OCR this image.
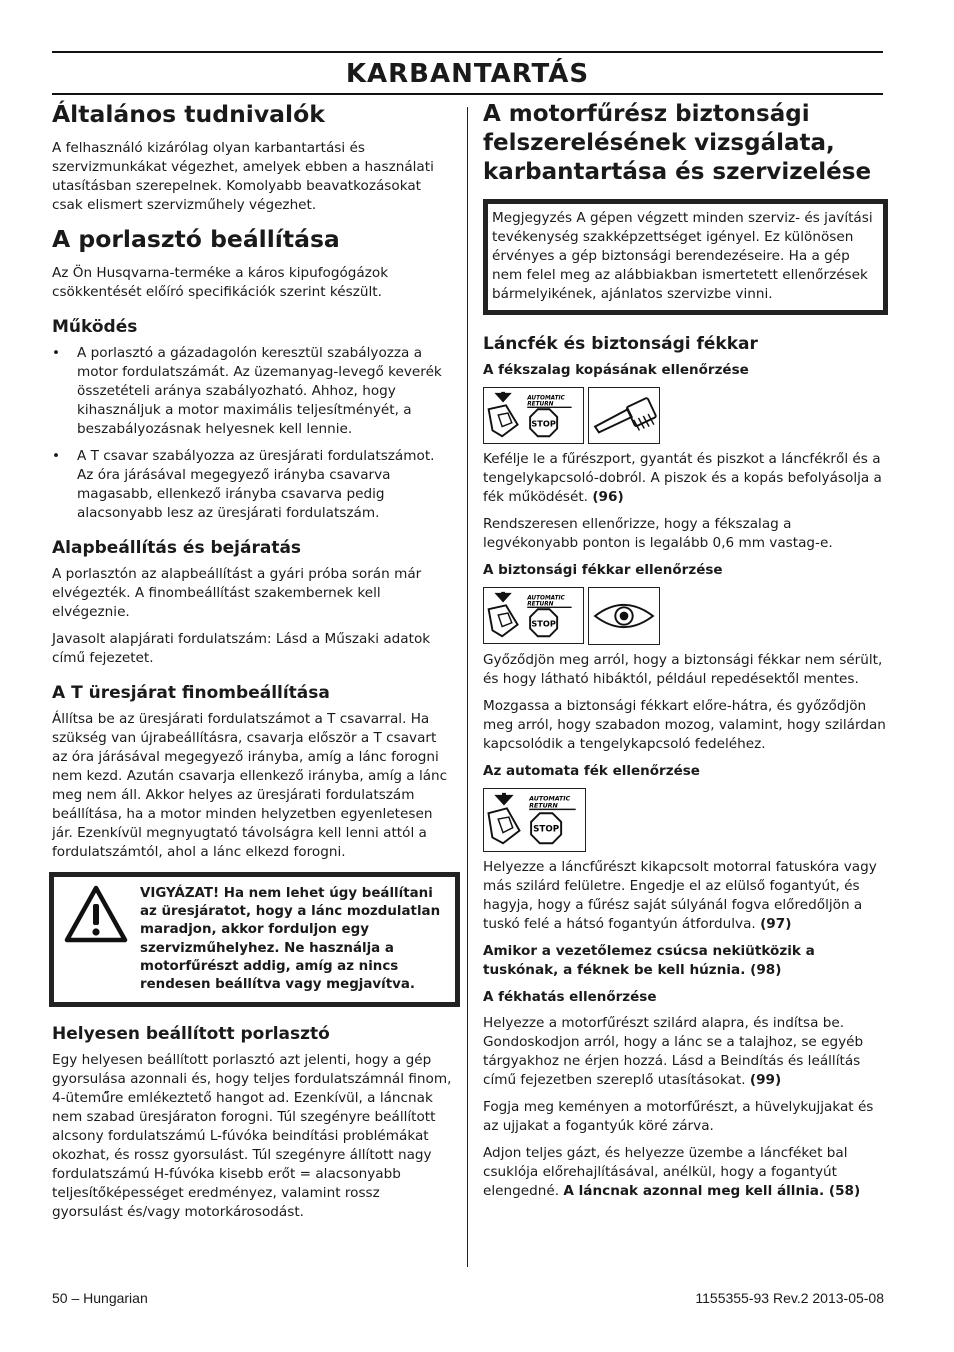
KARBANTARTÁS
Általános tudnivalók

A felhasználó kizárólag olyan karbantartási és szervizmunkákat végezhet, amelyek ebben a használati utasításban szerepelnek. Komolyabb beavatkozásokat csak elismert szervizműhely végezhet.

A porlasztó beállítása

Az Ön Husqvarna-terméke a káros kipufogógázok csökkentését előíró specifikációk szerint készült.

Működés
• A porlasztó a gázadagolón keresztül szabályozza a motor fordulatszámát. Az üzemanyag-levegő keverék összetételi aránya szabályozható. Ahhoz, hogy kihasználjuk a motor maximális teljesítményét, a beszabályozásnak helyesnek kell lennie.
• A T csavar szabályozza az üresjárati fordulatszámot. Az óra járásával megegyező irányba csavarva magasabb, ellenkező irányba csavarva pedig alacsonyabb lesz az üresjárati fordulatszám.
Alapbeállítás és bejáratás

A porlasztón az alapbeállítást a gyári próba során már elvégezték. A finombeállítást szakembernek kell elvégeznie.

Javasolt alapjárati fordulatszám: Lásd a Műszaki adatok című fejezetet.

A T üresjárat finombeállítása

Állítsa be az üresjárati fordulatszámot a T csavarral. Ha szükség van újrabeállításra, csavarja először a T csavart az óra járásával megegyező irányba, amíg a lánc forogni nem kezd. Azután csavarja ellenkező irányba, amíg a lánc meg nem áll. Akkor helyes az üresjárati fordulatszám beállítása, ha a motor minden helyzetben egyenletesen jár. Ezenkívül megnyugtató távolságra kell lenni attól a fordulatszámtól, ahol a lánc elkezd forogni.

VIGYÁZAT! Ha nem lehet úgy beállítani az üresjáratot, hogy a lánc mozdulatlan maradjon, akkor forduljon egy szervizműhelyhez. Ne használja a motorfűrészt addig, amíg az nincs rendesen beállítva vagy megjavítva.
Helyesen beállított porlasztó

Egy helyesen beállított porlasztó azt jelenti, hogy a gép gyorsulása azonnali és, hogy teljes fordulatszámnál finom, 4-ütemű̋re emlékeztető hangot ad. Ezenkívül, a láncnak nem szabad üresjáraton forogni. Túl szegényre beállított alcsony fordulatszámú L-fúvóka beindítási problémákat okozhat, és rossz gyorsulást. Túl szegényre állított nagy fordulatszámú H-fúvóka kisebb erőt = alacsonyabb teljesítőképességet eredményez, valamint rossz gyorsulást és/vagy motorkárosodást.

A motorfűrész biztonsági felszerelésének vizsgálata, karbantartása és szervizelése
Megjegyzés A gépen végzett minden szerviz- és javítási tevékenység szakképzettséget igényel. Ez különösen érvényes a gép biztonsági berendezéseire. Ha a gép nem felel meg az alábbiakban ismertetett ellenőrzések bármelyikének, ajánlatos szervizbe vinni.
Láncfék és biztonsági fékkar
A fékszalag kopásának ellenőrzése
AUTOMATIC
RETURN
STOP

Kefélje le a fűrészport, gyantát és piszkot a láncfékről és a tengelykapcsoló-dobról. A piszok és a kopás befolyásolja a fék működését. (96)

Rendszeresen ellenőrizze, hogy a fékszalag a legvékonyabb ponton is legalább 0,6 mm vastag-e.

A biztonsági fékkar ellenőrzése
AUTOMATIC
RETURN
STOP

Győződjön meg arról, hogy a biztonsági fékkar nem sérült, és hogy látható hibáktól, például repedésektől mentes.

Mozgassa a biztonsági fékkart előre-hátra, és győződjön meg arról, hogy szabadon mozog, valamint, hogy szilárdan kapcsolódik a tengelykapcsoló fedeléhez.

Az automata fék ellenőrzése
AUTOMATIC
RETURN
STOP

Helyezze a láncfűrészt kikapcsolt motorral fatuskóra vagy más szilárd felületre. Engedje el az elülső fogantyút, és hagyja, hogy a fűrész saját súlyánál fogva előredőljön a tuskó felé a hátsó fogantyún átfordulva. (97)

Amikor a vezetőlemez csúcsa nekiütközik a tuskónak, a féknek be kell húznia. (98)

A fékhatás ellenőrzése

Helyezze a motorfűrészt szilárd alapra, és indítsa be. Gondoskodjon arról, hogy a lánc se a talajhoz, se egyéb tárgyakhoz ne érjen hozzá. Lásd a Beindítás és leállítás című fejezetben szereplő utasításokat. (99)

Fogja meg keményen a motorfűrészt, a hüvelykujjakat és az ujjakat a fogantyúk köré zárva.

Adjon teljes gázt, és helyezze üzembe a láncféket bal csuklója előrehajlításával, anélkül, hogy a fogantyút elengedné. A láncnak azonnal meg kell állnia. (58)

50 – Hungarian	1155355-93 Rev.2 2013-05-08
